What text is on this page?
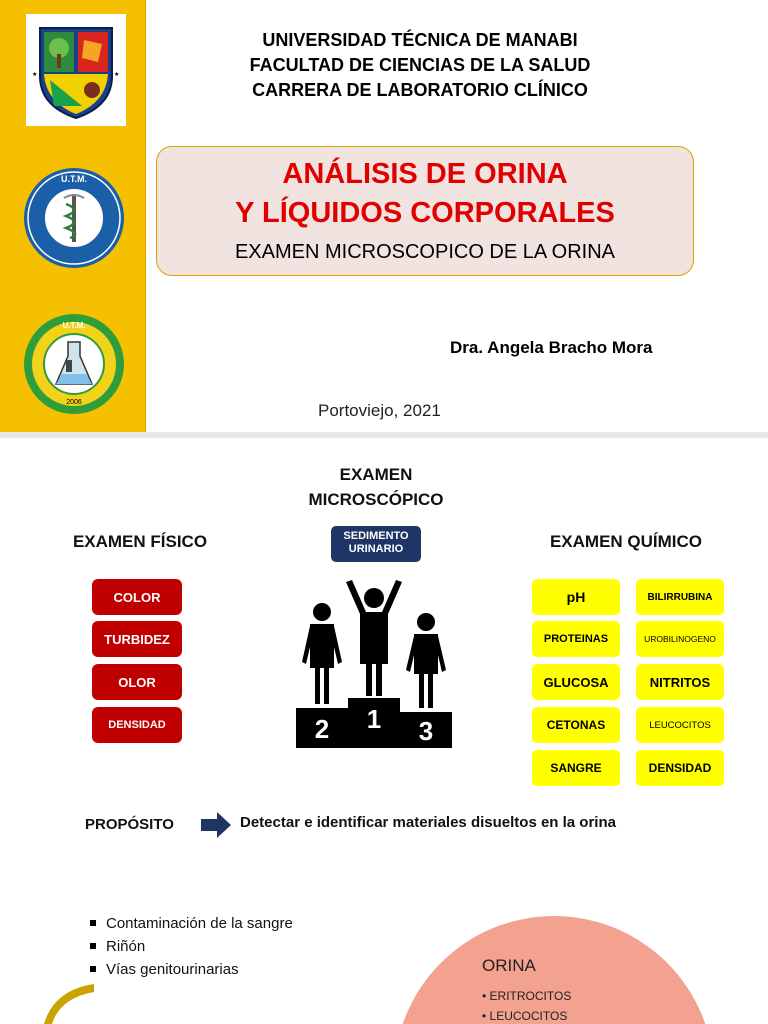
★	★
U.T.M.
U.T.M.
2006
UNIVERSIDAD TÉCNICA DE MANABI
FACULTAD DE CIENCIAS DE LA SALUD
CARRERA DE LABORATORIO CLÍNICO
ANÁLISIS DE ORINA
Y LÍQUIDOS CORPORALES
EXAMEN MICROSCOPICO DE LA ORINA
Dra. Angela Bracho Mora
Portoviejo, 2021
EXAMEN
MICROSCÓPICO
SEDIMENTO
URINARIO
EXAMEN FÍSICO	EXAMEN QUÍMICO
COLOR
TURBIDEZ
OLOR
DENSIDAD
pH
PROTEINAS
GLUCOSA
CETONAS
SANGRE
BILIRRUBINA
UROBILINOGENO
NITRITOS
LEUCOCITOS
DENSIDAD
2 1 3
PROPÓSITO	Detectar e identificar materiales disueltos en la orina
Contaminación de la sangre
Riñón
Vías genitourinarias	ORINA
• ERITROCITOS
• LEUCOCITOS
